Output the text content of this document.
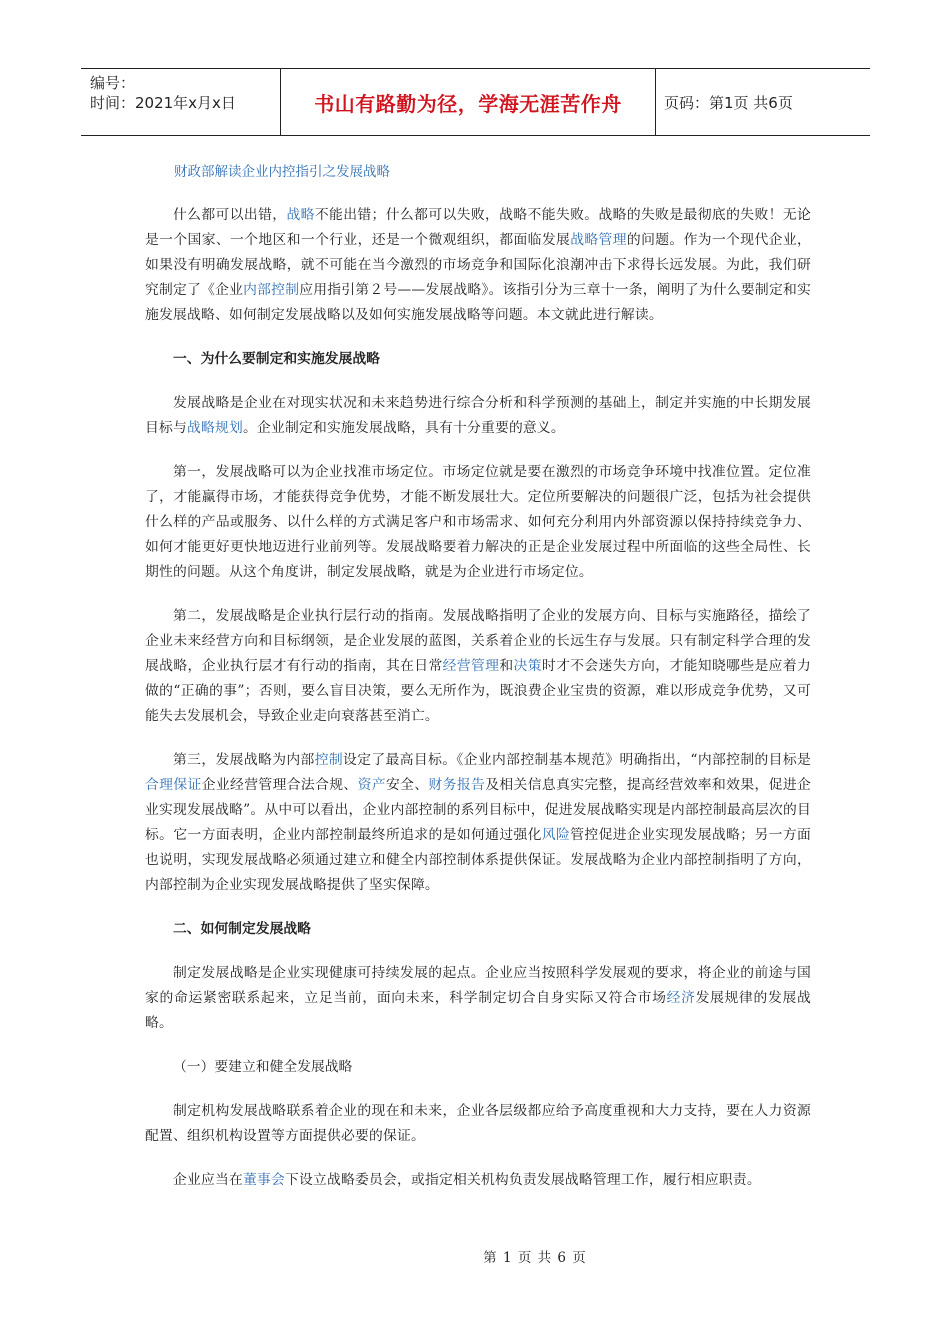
编号：
时间：2021年x月x日	书山有路勤为径，学海无涯苦作舟	页码：第1页 共6页
财政部解读企业内控指引之发展战略

什么都可以出错，战略不能出错；什么都可以失败，战略不能失败。战略的失败是最彻底的失败！无论是一个国家、一个地区和一个行业，还是一个微观组织，都面临发展战略管理的问题。作为一个现代企业，如果没有明确发展战略，就不可能在当今激烈的市场竞争和国际化浪潮冲击下求得长远发展。为此，我们研究制定了《企业内部控制应用指引第２号——发展战略》。该指引分为三章十一条，阐明了为什么要制定和实施发展战略、如何制定发展战略以及如何实施发展战略等问题。本文就此进行解读。

一、为什么要制定和实施发展战略

发展战略是企业在对现实状况和未来趋势进行综合分析和科学预测的基础上，制定并实施的中长期发展目标与战略规划。企业制定和实施发展战略，具有十分重要的意义。

第一，发展战略可以为企业找准市场定位。市场定位就是要在激烈的市场竞争环境中找准位置。定位准了，才能赢得市场，才能获得竞争优势，才能不断发展壮大。定位所要解决的问题很广泛，包括为社会提供什么样的产品或服务、以什么样的方式满足客户和市场需求、如何充分利用内外部资源以保持持续竞争力、如何才能更好更快地迈进行业前列等。发展战略要着力解决的正是企业发展过程中所面临的这些全局性、长期性的问题。从这个角度讲，制定发展战略，就是为企业进行市场定位。

第二，发展战略是企业执行层行动的指南。发展战略指明了企业的发展方向、目标与实施路径，描绘了企业未来经营方向和目标纲领，是企业发展的蓝图，关系着企业的长远生存与发展。只有制定科学合理的发展战略，企业执行层才有行动的指南，其在日常经营管理和决策时才不会迷失方向，才能知晓哪些是应着力做的“正确的事”；否则，要么盲目决策，要么无所作为，既浪费企业宝贵的资源，难以形成竞争优势，又可能失去发展机会，导致企业走向衰落甚至消亡。

第三，发展战略为内部控制设定了最高目标。《企业内部控制基本规范》明确指出，“内部控制的目标是合理保证企业经营管理合法合规、资产安全、财务报告及相关信息真实完整，提高经营效率和效果，促进企业实现发展战略”。从中可以看出，企业内部控制的系列目标中，促进发展战略实现是内部控制最高层次的目标。它一方面表明，企业内部控制最终所追求的是如何通过强化风险管控促进企业实现发展战略；另一方面也说明，实现发展战略必须通过建立和健全内部控制体系提供保证。发展战略为企业内部控制指明了方向，内部控制为企业实现发展战略提供了坚实保障。

二、如何制定发展战略

制定发展战略是企业实现健康可持续发展的起点。企业应当按照科学发展观的要求，将企业的前途与国家的命运紧密联系起来，立足当前，面向未来，科学制定切合自身实际又符合市场经济发展规律的发展战略。

（一）要建立和健全发展战略

制定机构发展战略联系着企业的现在和未来，企业各层级都应给予高度重视和大力支持，要在人力资源配置、组织机构设置等方面提供必要的保证。

企业应当在董事会下设立战略委员会，或指定相关机构负责发展战略管理工作，履行相应职责。

第 1 页 共 6 页
